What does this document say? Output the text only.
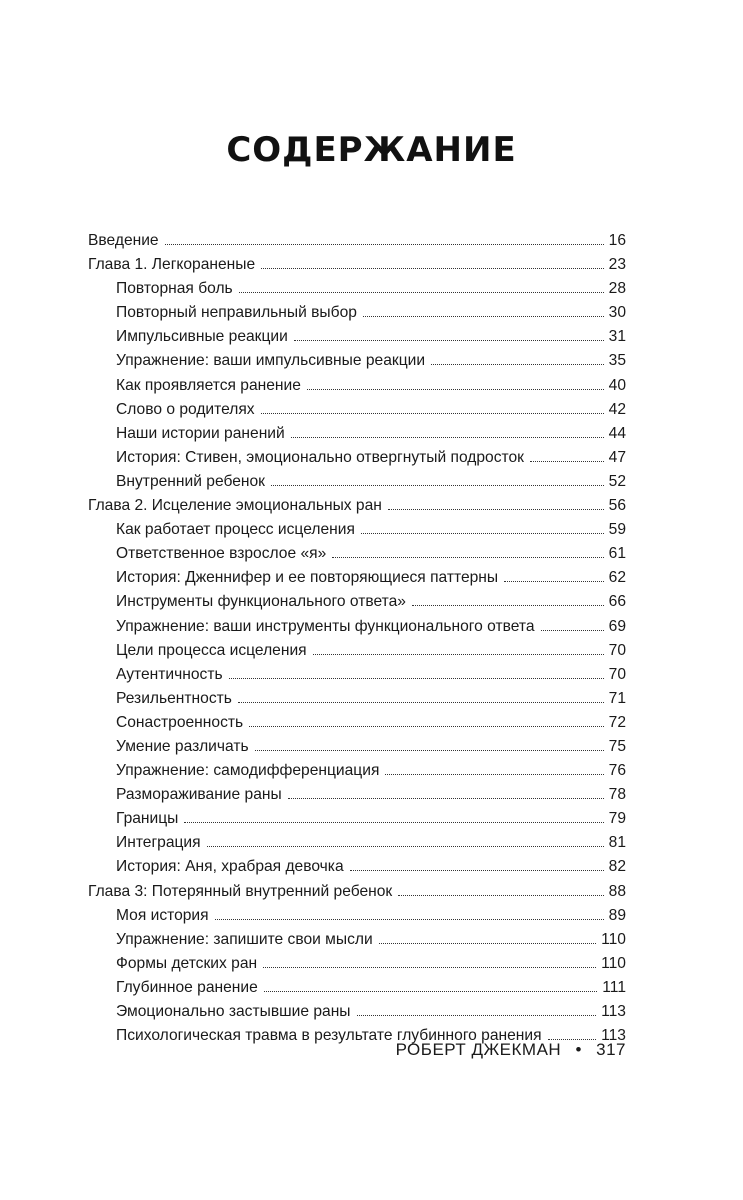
СОДЕРЖАНИЕ
Введение	16
Глава 1. Легкораненые	23
Повторная боль	28
Повторный неправильный выбор	30
Импульсивные реакции	31
Упражнение: ваши импульсивные реакции	35
Как проявляется ранение	40
Слово о родителях	42
Наши истории ранений	44
История: Стивен, эмоционально отвергнутый подросток	47
Внутренний ребенок	52
Глава 2. Исцеление эмоциональных ран	56
Как работает процесс исцеления	59
Ответственное взрослое «я»	61
История: Дженнифер и ее повторяющиеся паттерны	62
Инструменты функционального ответа»	66
Упражнение: ваши инструменты функционального ответа	69
Цели процесса исцеления	70
Аутентичность	70
Резильентность	71
Сонастроенность	72
Умение различать	75
Упражнение: самодифференциация	76
Размораживание раны	78
Границы	79
Интеграция	81
История: Аня, храбрая девочка	82
Глава 3: Потерянный внутренний ребенок	88
Моя история	89
Упражнение: запишите свои мысли	110
Формы детских ран	110
Глубинное ранение	111
Эмоционально застывшие раны	113
Психологическая травма в результате глубинного ранения	113
РОБЕРТ ДЖЕКМАН • 317
